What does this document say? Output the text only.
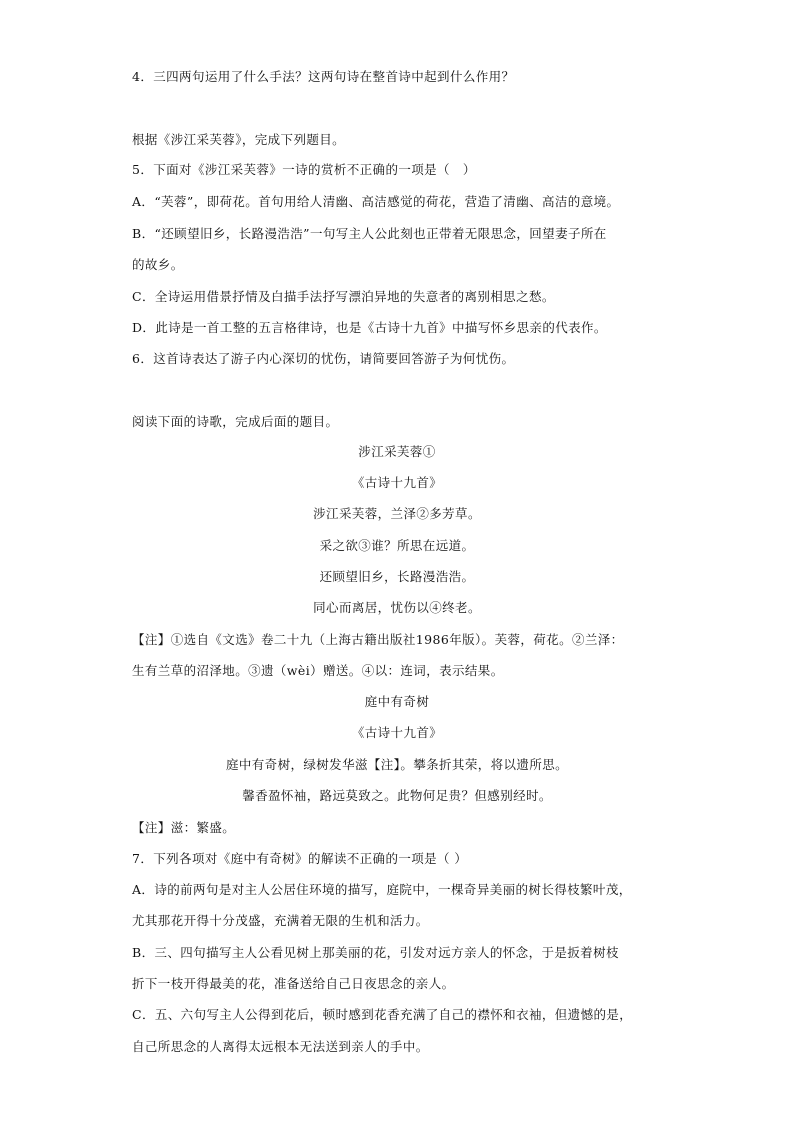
4．三四两句运用了什么手法？这两句诗在整首诗中起到什么作用？
根据《涉江采芙蓉》，完成下列题目。
5．下面对《涉江采芙蓉》一诗的赏析不正确的一项是（　）
A．“芙蓉”，即荷花。首句用给人清幽、高洁感觉的荷花，营造了清幽、高洁的意境。
B．“还顾望旧乡，长路漫浩浩”一句写主人公此刻也正带着无限思念，回望妻子所在
的故乡。
C．全诗运用借景抒情及白描手法抒写漂泊异地的失意者的离别相思之愁。
D．此诗是一首工整的五言格律诗，也是《古诗十九首》中描写怀乡思亲的代表作。
6．这首诗表达了游子内心深切的忧伤，请简要回答游子为何忧伤。
阅读下面的诗歌，完成后面的题目。
涉江采芙蓉①
《古诗十九首》
涉江采芙蓉，兰泽②多芳草。
采之欲③谁？所思在远道。
还顾望旧乡，长路漫浩浩。
同心而离居，忧伤以④终老。
【注】①选自《文选》卷二十九（上海古籍出版社1986年版）。芙蓉，荷花。②兰泽：
生有兰草的沼泽地。③遗（wèi）赠送。④以：连词，表示结果。
庭中有奇树
《古诗十九首》
庭中有奇树，绿树发华滋【注】。攀条折其荣，将以遗所思。
馨香盈怀袖，路远莫致之。此物何足贵？但感别经时。
【注】滋：繁盛。
7．下列各项对《庭中有奇树》的解读不正确的一项是（ ）
A．诗的前两句是对主人公居住环境的描写，庭院中，一棵奇异美丽的树长得枝繁叶茂，
尤其那花开得十分茂盛，充满着无限的生机和活力。
B．三、四句描写主人公看见树上那美丽的花，引发对远方亲人的怀念，于是扳着树枝
折下一枝开得最美的花，准备送给自己日夜思念的亲人。
C．五、六句写主人公得到花后，顿时感到花香充满了自己的襟怀和衣袖，但遗憾的是，
自己所思念的人离得太远根本无法送到亲人的手中。
